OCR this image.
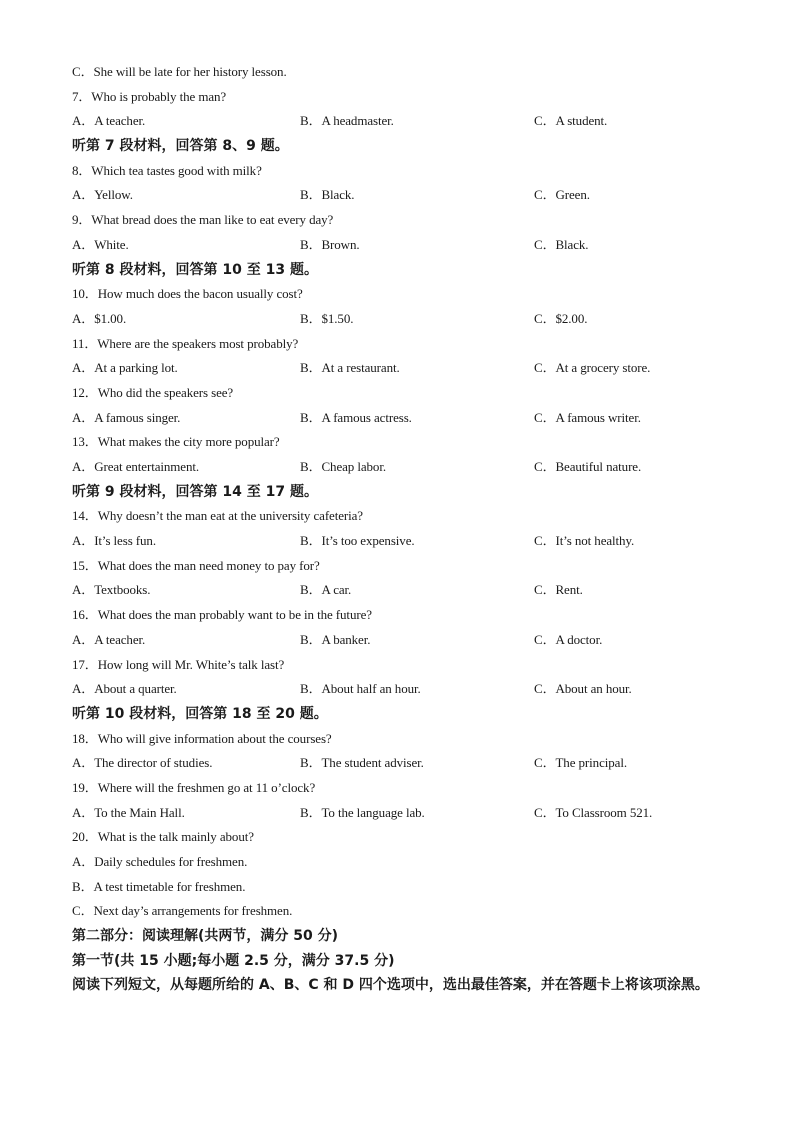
C．She will be late for her history lesson.
7．Who is probably the man?
A．A teacher.	B．A headmaster.	C．A student.
听第 7 段材料，回答第 8、9 题。
8．Which tea tastes good with milk?
A．Yellow.	B．Black.	C．Green.
9．What bread does the man like to eat every day?
A．White.	B．Brown.	C．Black.
听第 8 段材料，回答第 10 至 13 题。
10．How much does the bacon usually cost?
A．$1.00.	B．$1.50.	C．$2.00.
11．Where are the speakers most probably?
A．At a parking lot.	B．At a restaurant.	C．At a grocery store.
12．Who did the speakers see?
A．A famous singer.	B．A famous actress.	C．A famous writer.
13．What makes the city more popular?
A．Great entertainment.	B．Cheap labor.	C．Beautiful nature.
听第 9 段材料，回答第 14 至 17 题。
14．Why doesn’t the man eat at the university cafeteria?
A．It’s less fun.	B．It’s too expensive.	C．It’s not healthy.
15．What does the man need money to pay for?
A．Textbooks.	B．A car.	C．Rent.
16．What does the man probably want to be in the future?
A．A teacher.	B．A banker.	C．A doctor.
17．How long will Mr. White’s talk last?
A．About a quarter.	B．About half an hour.	C．About an hour.
听第 10 段材料，回答第 18 至 20 题。
18．Who will give information about the courses?
A．The director of studies.	B．The student adviser.	C．The principal.
19．Where will the freshmen go at 11 o’clock?
A．To the Main Hall.	B．To the language lab.	C．To Classroom 521.
20．What is the talk mainly about?
A．Daily schedules for freshmen.
B．A test timetable for freshmen.
C．Next day’s arrangements for freshmen.
第二部分：阅读理解(共两节，满分 50 分)
第一节(共 15 小题;每小题 2.5 分，满分 37.5 分)
阅读下列短文，从每题所给的 A、B、C 和 D 四个选项中，选出最佳答案，并在答题卡上将该项涂黑。
